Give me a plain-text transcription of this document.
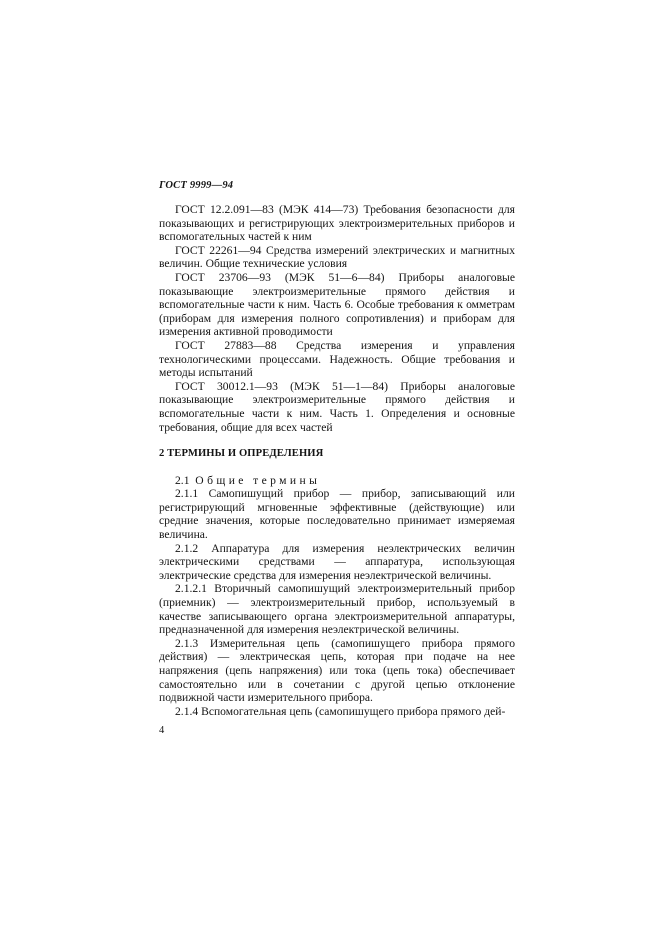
ГОСТ 9999—94

ГОСТ 12.2.091—83 (МЭК 414—73) Требования безопасности для показывающих и регистрирующих электроизмерительных приборов и вспомогательных частей к ним

ГОСТ 22261—94 Средства измерений электрических и магнитных величин. Общие технические условия

ГОСТ 23706—93 (МЭК 51—6—84) Приборы аналоговые показывающие электроизмерительные прямого действия и вспомогательные части к ним. Часть 6. Особые требования к омметрам (приборам для измерения полного сопротивления) и приборам для измерения активной проводимости

ГОСТ 27883—88 Средства измерения и управления технологическими процессами. Надежность. Общие требования и методы испытаний

ГОСТ 30012.1—93 (МЭК 51—1—84) Приборы аналоговые показывающие электроизмерительные прямого действия и вспомогательные части к ним. Часть 1. Определения и основные требования, общие для всех частей

2 ТЕРМИНЫ И ОПРЕДЕЛЕНИЯ

2.1 Общие термины

2.1.1 Самопишущий прибор — прибор, записывающий или регистрирующий мгновенные эффективные (действующие) или средние значения, которые последовательно принимает измеряемая величина.

2.1.2 Аппаратура для измерения неэлектрических величин электрическими средствами — аппаратура, использующая электрические средства для измерения неэлектрической величины.

2.1.2.1 Вторичный самопишущий электроизмерительный прибор (приемник) — электроизмерительный прибор, используемый в качестве записывающего органа электроизмерительной аппаратуры, предназначенной для измерения неэлектрической величины.

2.1.3 Измерительная цепь (самопишущего прибора прямого действия) — электрическая цепь, которая при подаче на нее напряжения (цепь напряжения) или тока (цепь тока) обеспечивает самостоятельно или в сочетании с другой цепью отклонение подвижной части измерительного прибора.

2.1.4 Вспомогательная цепь (самопишущего прибора прямого дей-

4
